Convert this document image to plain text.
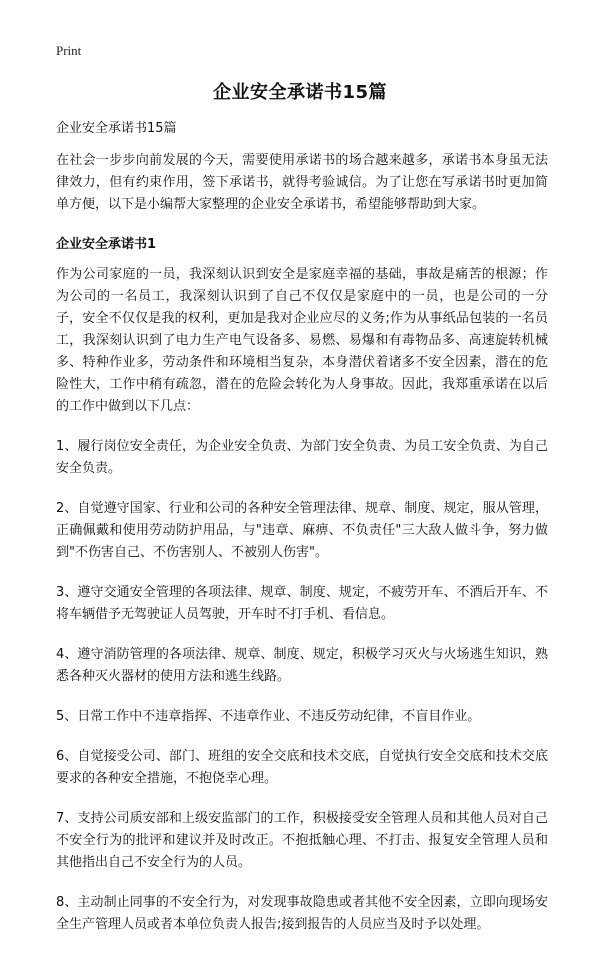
Print
企业安全承诺书15篇

企业安全承诺书15篇

在社会一步步向前发展的今天，需要使用承诺书的场合越来越多，承诺书本身虽无法律效力，但有约束作用，签下承诺书，就得考验诚信。为了让您在写承诺书时更加简单方便，以下是小编帮大家整理的企业安全承诺书，希望能够帮助到大家。

企业安全承诺书1

作为公司家庭的一员，我深刻认识到安全是家庭幸福的基础，事故是痛苦的根源；作为公司的一名员工，我深刻认识到了自己不仅仅是家庭中的一员，也是公司的一分子，安全不仅仅是我的权利，更加是我对企业应尽的义务;作为从事纸品包装的一名员工，我深刻认识到了电力生产电气设备多、易燃、易爆和有毒物品多、高速旋转机械多、特种作业多，劳动条件和环境相当复杂，本身潜伏着诸多不安全因素，潜在的危险性大，工作中稍有疏忽，潜在的危险会转化为人身事故。因此，我郑重承诺在以后的工作中做到以下几点：

1、履行岗位安全责任，为企业安全负责、为部门安全负责、为员工安全负责、为自己安全负责。

2、自觉遵守国家、行业和公司的各种安全管理法律、规章、制度、规定，服从管理，正确佩戴和使用劳动防护用品，与"违章、麻痹、不负责任"三大敌人做斗争，努力做到"不伤害自己、不伤害别人、不被别人伤害"。

3、遵守交通安全管理的各项法律、规章、制度、规定，不疲劳开车、不酒后开车、不将车辆借予无驾驶证人员驾驶，开车时不打手机、看信息。

4、遵守消防管理的各项法律、规章、制度、规定，积极学习灭火与火场逃生知识，熟悉各种灭火器材的使用方法和逃生线路。

5、日常工作中不违章指挥、不违章作业、不违反劳动纪律，不盲目作业。

6、自觉接受公司、部门、班组的安全交底和技术交底，自觉执行安全交底和技术交底要求的各种安全措施，不抱侥幸心理。

7、支持公司质安部和上级安监部门的工作，积极接受安全管理人员和其他人员对自己不安全行为的批评和建议并及时改正。不抱抵触心理、不打击、报复安全管理人员和其他指出自己不安全行为的人员。

8、主动制止同事的不安全行为，对发现事故隐患或者其他不安全因素，立即向现场安全生产管理人员或者本单位负责人报告;接到报告的人员应当及时予以处理。
